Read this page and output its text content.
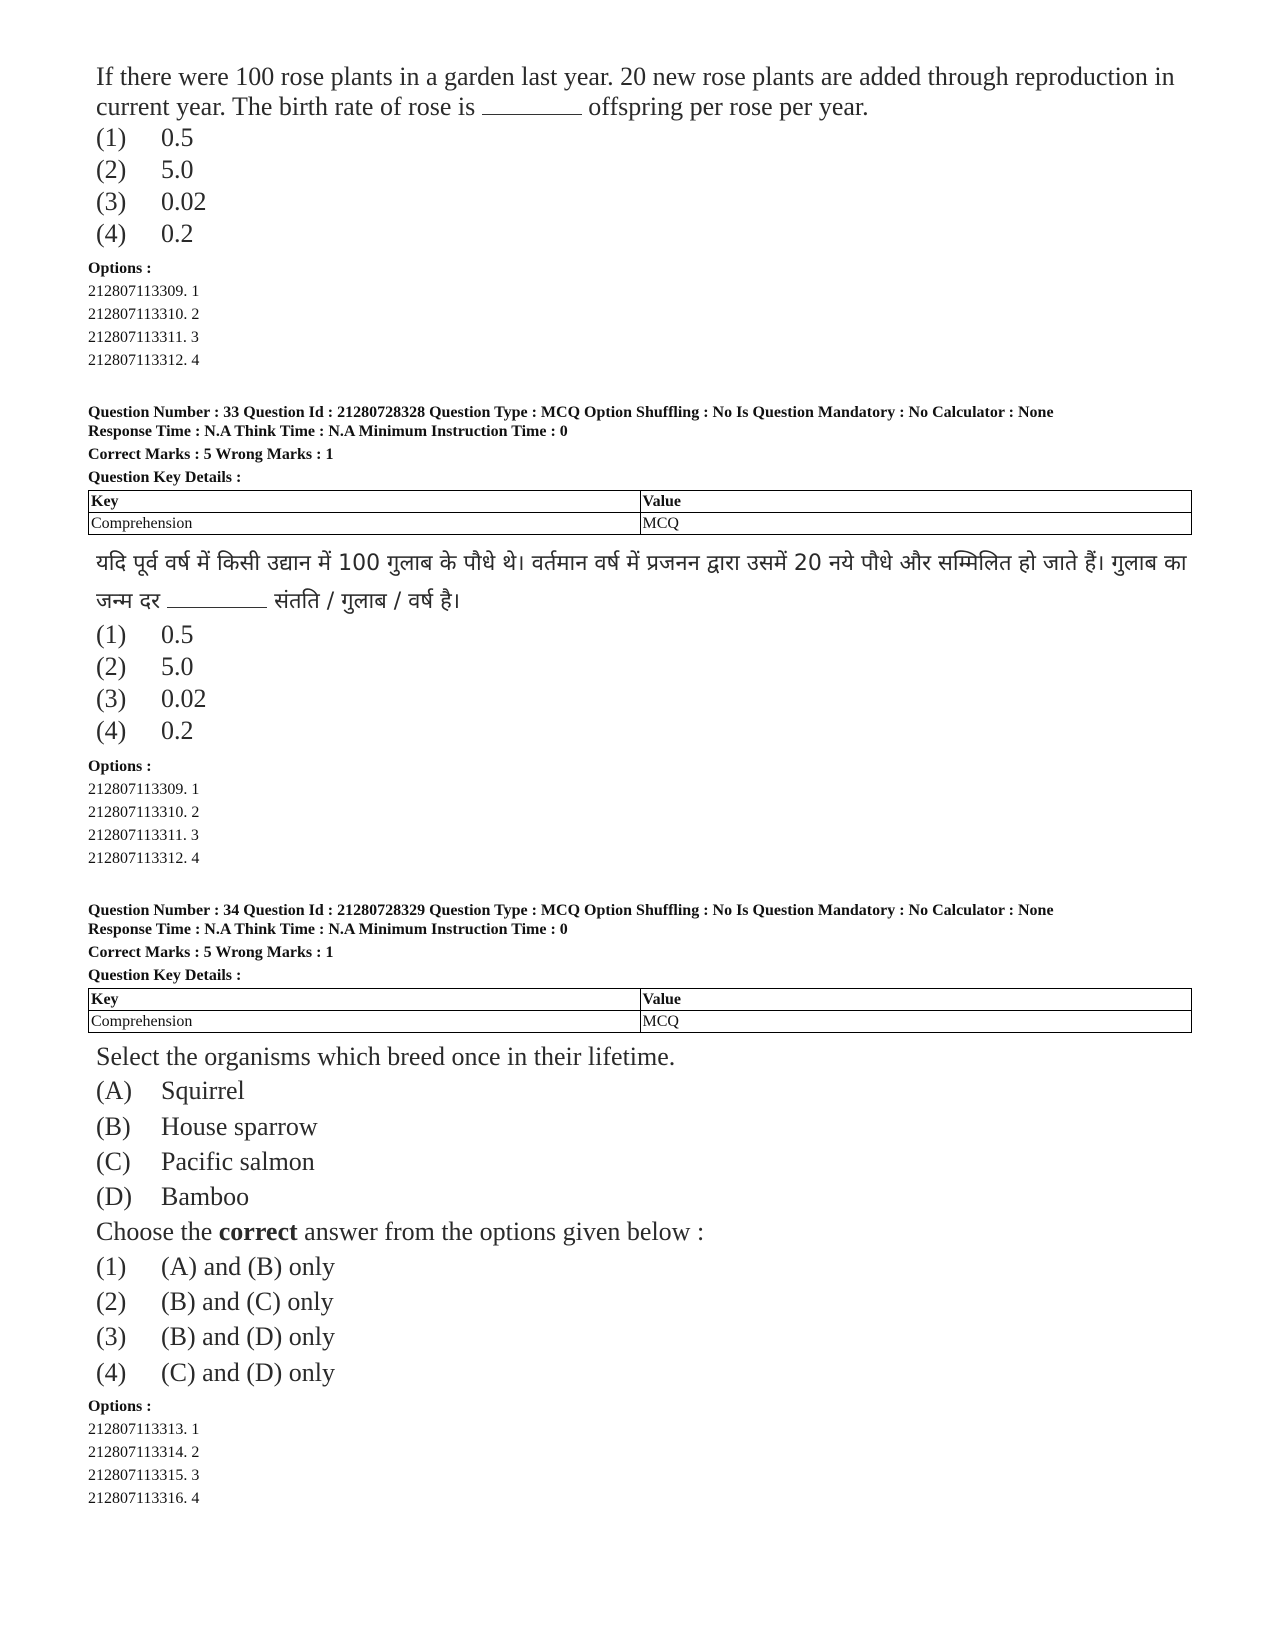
If there were 100 rose plants in a garden last year. 20 new rose plants are added through reproduction in current year. The birth rate of rose is	offspring per rose per year.
(1) 0.5
(2) 5.0
(3) 0.02
(4) 0.2
Options :
212807113309. 1
212807113310. 2
212807113311. 3
212807113312. 4
Question Number : 33 Question Id : 21280728328 Question Type : MCQ Option Shuffling : No Is Question Mandatory : No Calculator : None
Response Time : N.A Think Time : N.A Minimum Instruction Time : 0
Correct Marks : 5 Wrong Marks : 1
Question Key Details :
Key	Value
Comprehension	MCQ
यदि पूर्व वर्ष में किसी उद्यान में 100 गुलाब के पौधे थे। वर्तमान वर्ष में प्रजनन द्वारा उसमें 20 नये पौधे और सम्मिलित हो जाते हैं। गुलाब का जन्म दर	संतति / गुलाब / वर्ष है।
(1) 0.5
(2) 5.0
(3) 0.02
(4) 0.2
Options :
212807113309. 1
212807113310. 2
212807113311. 3
212807113312. 4
Question Number : 34 Question Id : 21280728329 Question Type : MCQ Option Shuffling : No Is Question Mandatory : No Calculator : None
Response Time : N.A Think Time : N.A Minimum Instruction Time : 0
Correct Marks : 5 Wrong Marks : 1
Question Key Details :
Key	Value
Comprehension	MCQ
Select the organisms which breed once in their lifetime.
(A) Squirrel
(B) House sparrow
(C) Pacific salmon
(D) Bamboo
Choose the correct answer from the options given below :
(1) (A) and (B) only
(2) (B) and (C) only
(3) (B) and (D) only
(4) (C) and (D) only
Options :
212807113313. 1
212807113314. 2
212807113315. 3
212807113316. 4
